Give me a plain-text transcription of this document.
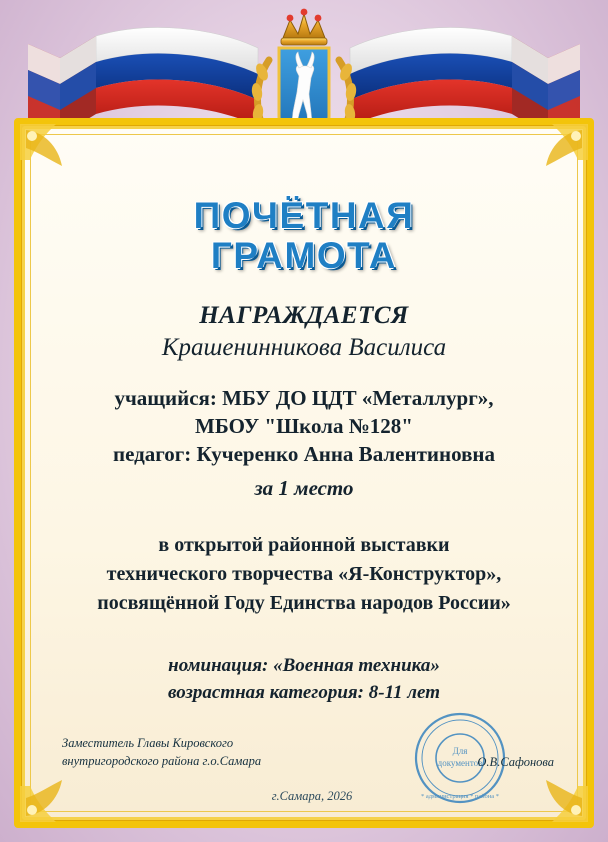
ПОЧЁТНАЯ
ГРАМОТА
НАГРАЖДАЕТСЯ
Крашенинникова Василиса
учащийся: МБУ ДО ЦДТ «Металлург»,
МБОУ "Школа №128"
педагог: Кучеренко Анна Валентиновна
за 1 место
в открытой районной выставки
технического творчества «Я-Конструктор»,
посвящённой Году Единства народов России»
номинация: «Военная техника»
возрастная категория: 8-11 лет
Для
документов
* администрация * района *
Заместитель Главы Кировского
внутригородского района г.о.Самара	О.В.Сафонова
г.Самара, 2026
